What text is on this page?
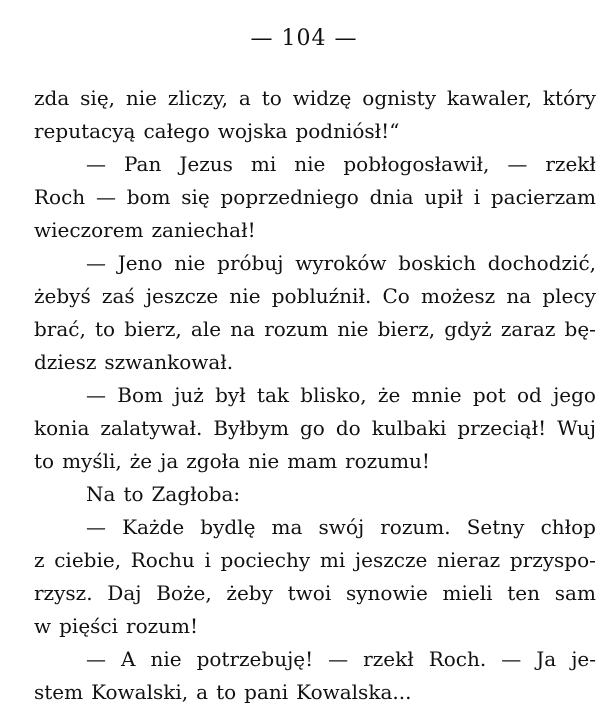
— 104 —
zda się, nie zliczy, a to widzę ognisty kawaler, który
reputacyą całego wojska podniósł!“
— Pan Jezus mi nie pobłogosławił, — rzekł
Roch — bom się poprzedniego dnia upił i pacierzam
wieczorem zaniechał!
— Jeno nie próbuj wyroków boskich dochodzić,
żebyś zaś jeszcze nie pobluźnił. Co możesz na plecy
brać, to bierz, ale na rozum nie bierz, gdyż zaraz bę-
dziesz szwankował.
— Bom już był tak blisko, że mnie pot od jego
konia zalatywał. Byłbym go do kulbaki przeciął! Wuj
to myśli, że ja zgoła nie mam rozumu!
Na to Zagłoba:
— Każde bydlę ma swój rozum. Setny chłop
z ciebie, Rochu i pociechy mi jeszcze nieraz przyspo-
rzysz. Daj Boże, żeby twoi synowie mieli ten sam
w pięści rozum!
— A nie potrzebuję! — rzekł Roch. — Ja je-
stem Kowalski, a to pani Kowalska...
